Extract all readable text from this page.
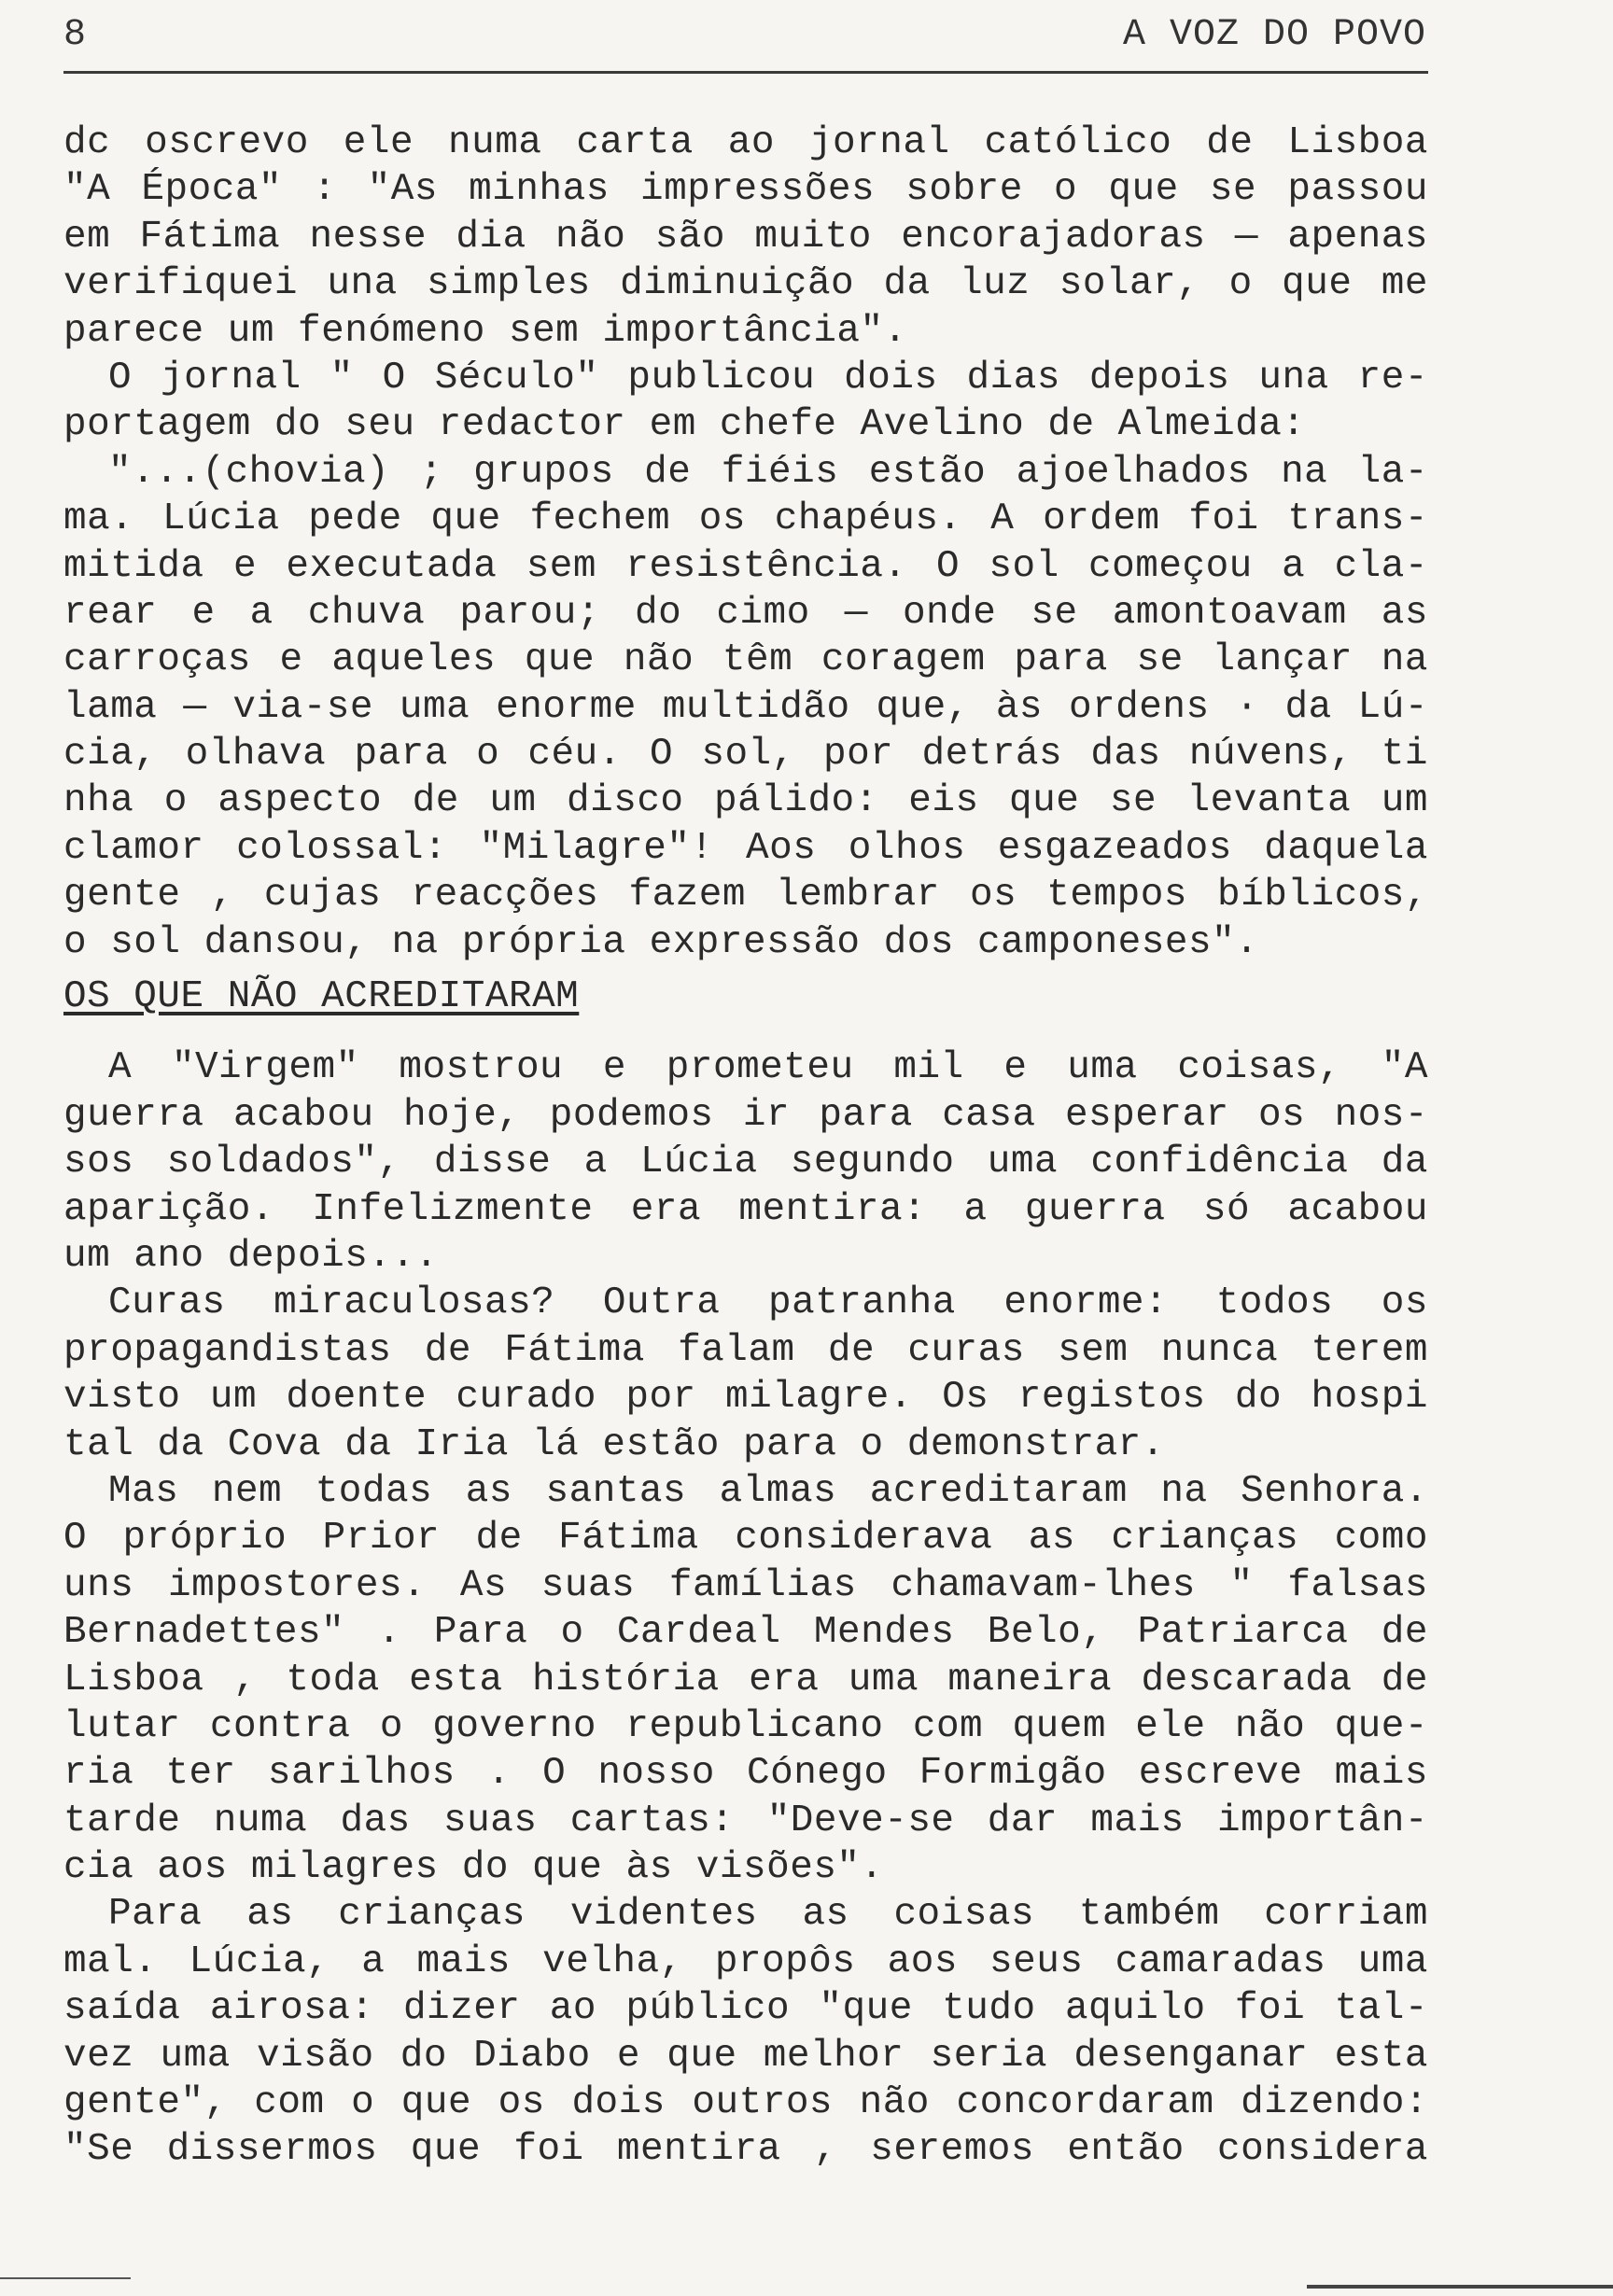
8	A VOZ DO POVO
dc oscrevo ele numa carta ao jornal católico de Lisboa
"A Época" : "As minhas impressões sobre o que se passou
em Fátima nesse dia não são muito encorajadoras — apenas
verifiquei una simples diminuição da luz solar, o que me
parece um fenómeno sem importância".
O jornal " O Século" publicou dois dias depois una re-
portagem do seu redactor em chefe Avelino de Almeida:
"...(chovia) ; grupos de fiéis estão ajoelhados na la-
ma. Lúcia pede que fechem os chapéus. A ordem foi trans-
mitida e executada sem resistência. O sol começou a cla-
rear e a chuva parou; do cimo — onde se amontoavam as
carroças e aqueles que não têm coragem para se lançar na
lama — via-se uma enorme multidão que, às ordens · da Lú-
cia, olhava para o céu. O sol, por detrás das núvens, ti
nha o aspecto de um disco pálido: eis que se levanta um
clamor colossal: "Milagre"! Aos olhos esgazeados daquela
gente , cujas reacções fazem lembrar os tempos bíblicos,
o sol dansou, na própria expressão dos camponeses".
OS QUE NÃO ACREDITARAM
A "Virgem" mostrou e prometeu mil e uma coisas, "A
guerra acabou hoje, podemos ir para casa esperar os nos-
sos soldados", disse a Lúcia segundo uma confidência da
aparição. Infelizmente era mentira: a guerra só acabou
um ano depois...
Curas miraculosas? Outra patranha enorme: todos os
propagandistas de Fátima falam de curas sem nunca terem
visto um doente curado por milagre. Os registos do hospi
tal da Cova da Iria lá estão para o demonstrar.
Mas nem todas as santas almas acreditaram na Senhora.
O próprio Prior de Fátima considerava as crianças como
uns impostores. As suas famílias chamavam-lhes " falsas
Bernadettes" . Para o Cardeal Mendes Belo, Patriarca de
Lisboa , toda esta história era uma maneira descarada de
lutar contra o governo republicano com quem ele não que-
ria ter sarilhos . O nosso Cónego Formigão escreve mais
tarde numa das suas cartas: "Deve-se dar mais importân-
cia aos milagres do que às visões".
Para as crianças videntes as coisas também corriam
mal. Lúcia, a mais velha, propôs aos seus camaradas uma
saída airosa: dizer ao público "que tudo aquilo foi tal-
vez uma visão do Diabo e que melhor seria desenganar esta
gente", com o que os dois outros não concordaram dizendo:
"Se dissermos que foi mentira , seremos então considera
